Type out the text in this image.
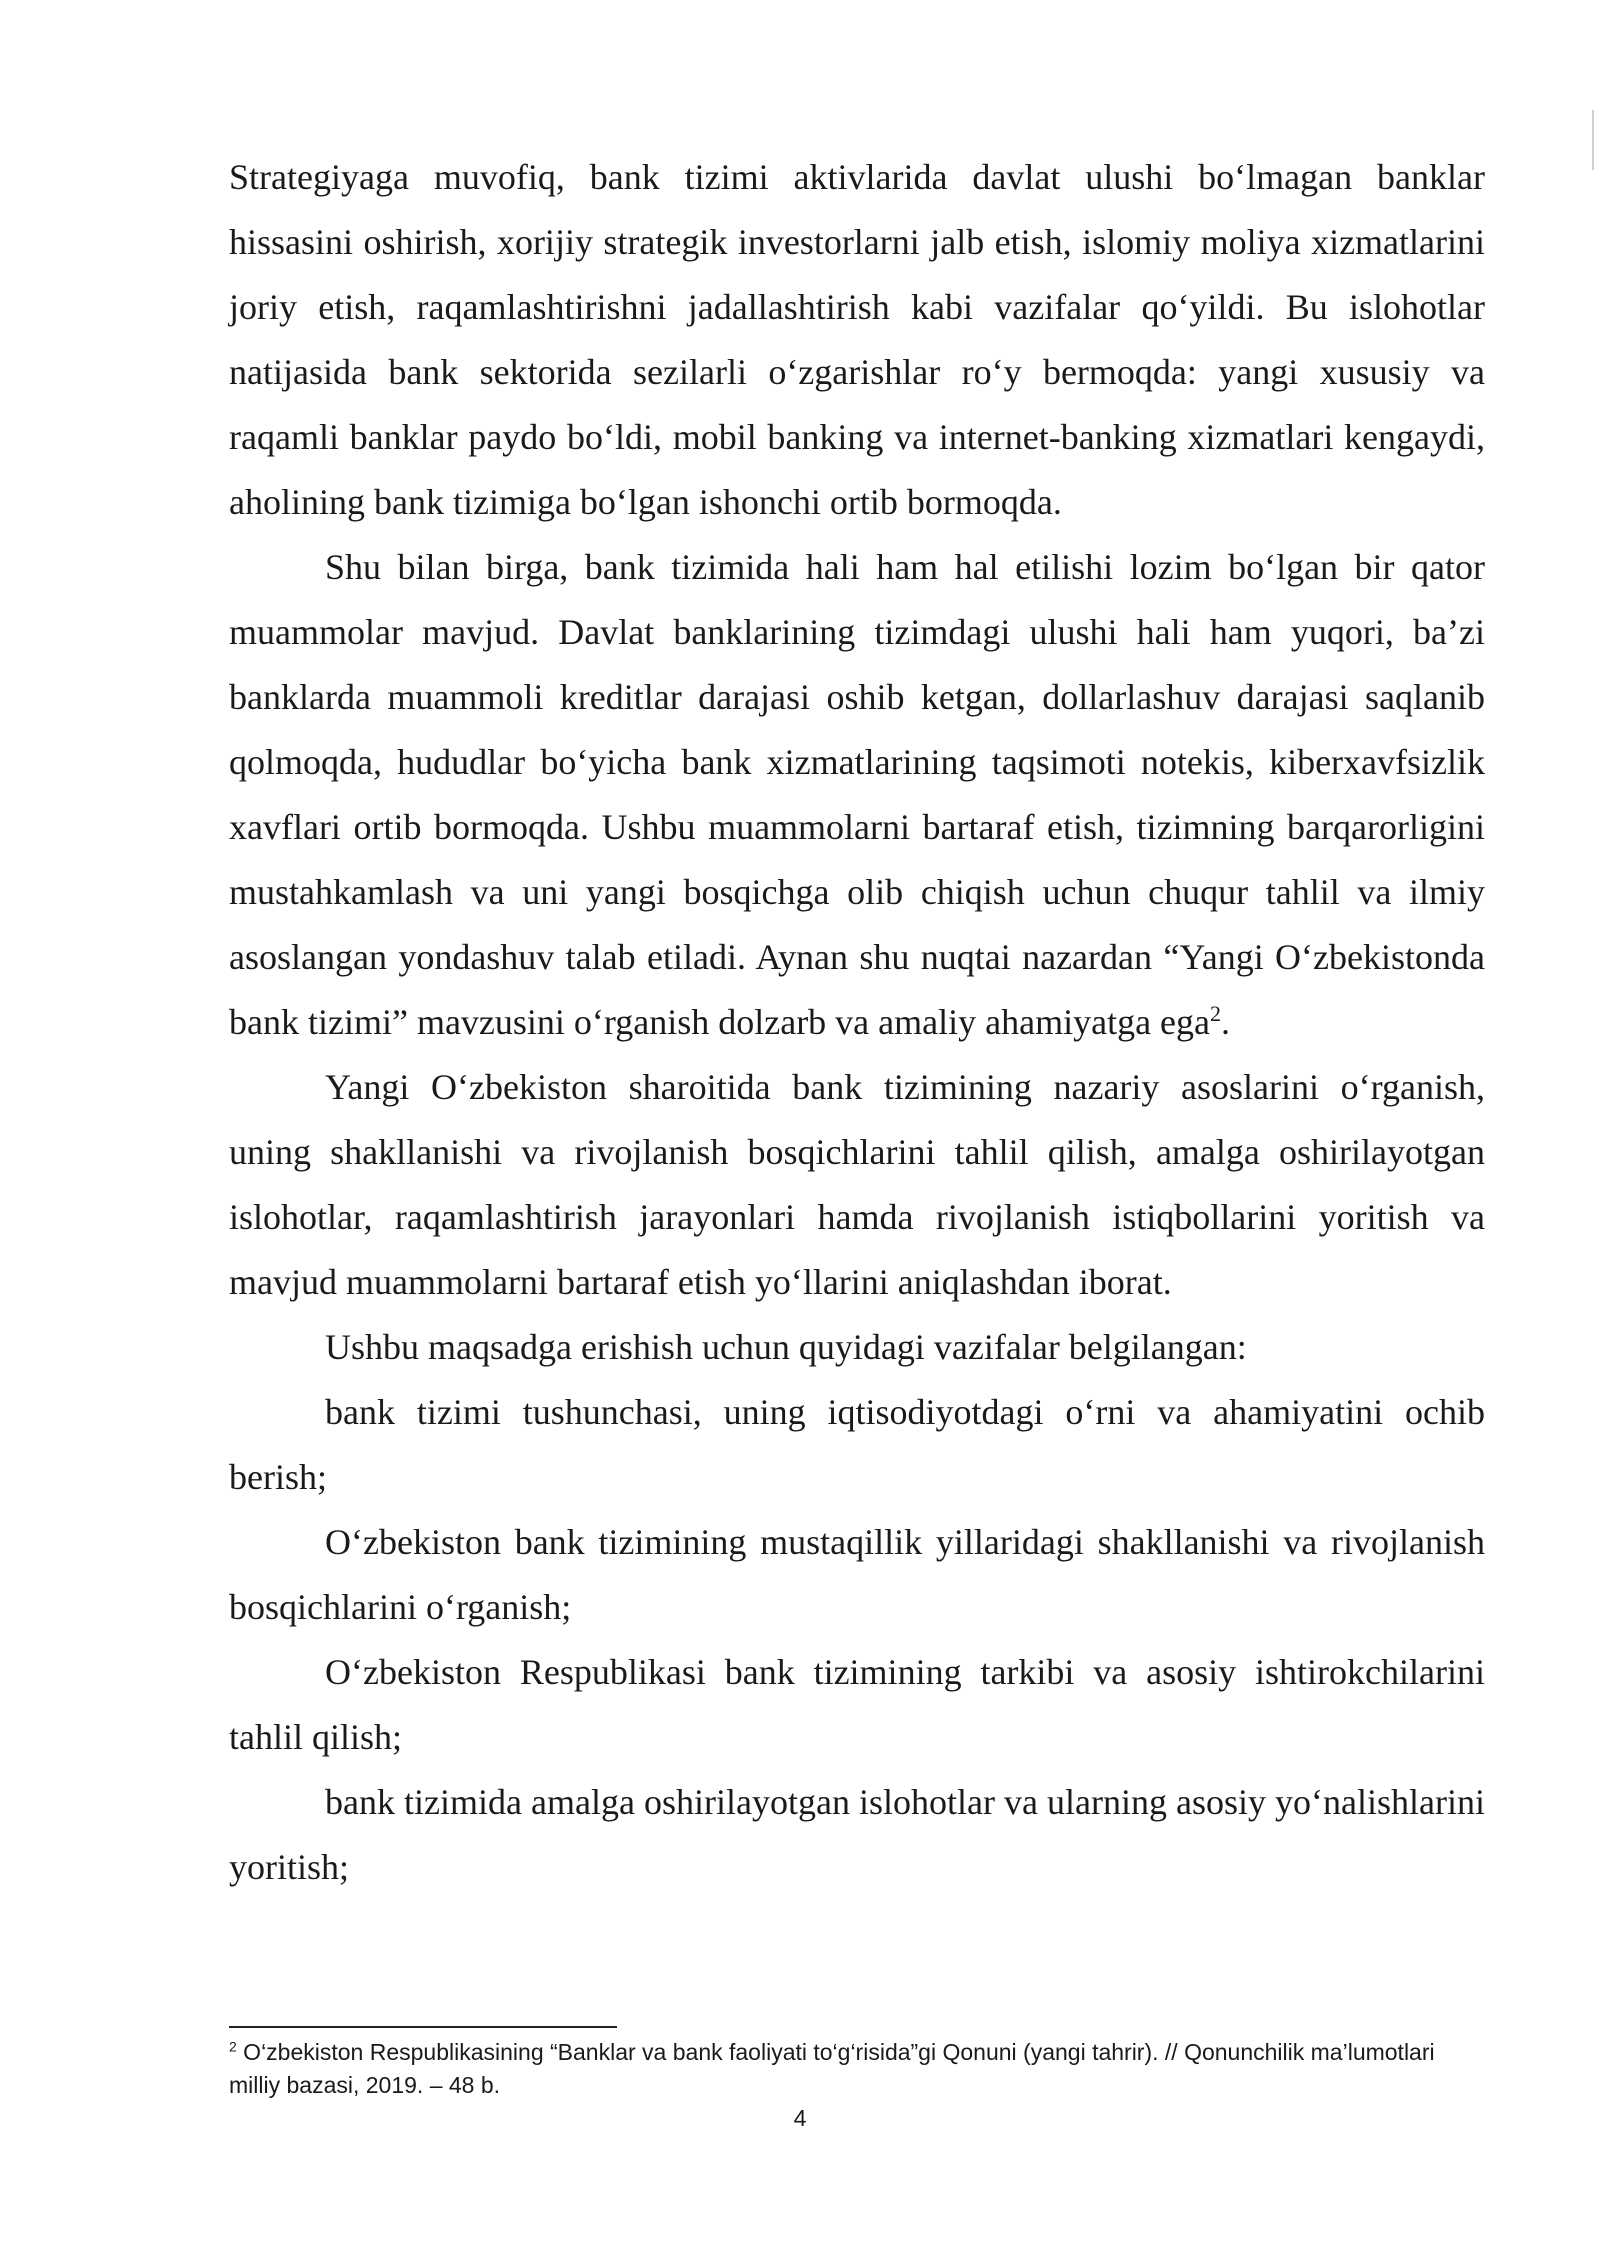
Strategiyaga muvofiq, bank tizimi aktivlarida davlat ulushi bo‘lmagan banklar hissasini oshirish, xorijiy strategik investorlarni jalb etish, islomiy moliya xizmatlarini joriy etish, raqamlashtirishni jadallashtirish kabi vazifalar qo‘yildi. Bu islohotlar natijasida bank sektorida sezilarli o‘zgarishlar ro‘y bermoqda: yangi xususiy va raqamli banklar paydo bo‘ldi, mobil banking va internet-banking xizmatlari kengaydi, aholining bank tizimiga bo‘lgan ishonchi ortib bormoqda.

Shu bilan birga, bank tizimida hali ham hal etilishi lozim bo‘lgan bir qator muammolar mavjud. Davlat banklarining tizimdagi ulushi hali ham yuqori, ba’zi banklarda muammoli kreditlar darajasi oshib ketgan, dollarlashuv darajasi saqlanib qolmoqda, hududlar bo‘yicha bank xizmatlarining taqsimoti notekis, kiberxavfsizlik xavflari ortib bormoqda. Ushbu muammolarni bartaraf etish, tizimning barqarorligini mustahkamlash va uni yangi bosqichga olib chiqish uchun chuqur tahlil va ilmiy asoslangan yondashuv talab etiladi. Aynan shu nuqtai nazardan “Yangi O‘zbekistonda bank tizimi” mavzusini o‘rganish dolzarb va amaliy ahamiyatga ega$^2$.

Yangi O‘zbekiston sharoitida bank tizimining nazariy asoslarini o‘rganish, uning shakllanishi va rivojlanish bosqichlarini tahlil qilish, amalga oshirilayotgan islohotlar, raqamlashtirish jarayonlari hamda rivojlanish istiqbollarini yoritish va mavjud muammolarni bartaraf etish yo‘llarini aniqlashdan iborat.

Ushbu maqsadga erishish uchun quyidagi vazifalar belgilangan:

bank tizimi tushunchasi, uning iqtisodiyotdagi o‘rni va ahamiyatini ochib berish;

O‘zbekiston bank tizimining mustaqillik yillaridagi shakllanishi va rivojlanish bosqichlarini o‘rganish;

O‘zbekiston Respublikasi bank tizimining tarkibi va asosiy ishtirokchilarini tahlil qilish;

bank tizimida amalga oshirilayotgan islohotlar va ularning asosiy yo‘nalishlarini yoritish;

$^2$ O‘zbekiston Respublikasining “Banklar va bank faoliyati to‘g‘risida”gi Qonuni (yangi tahrir). // Qonunchilik ma’lumotlari milliy bazasi, 2019. – 48 b.

4
